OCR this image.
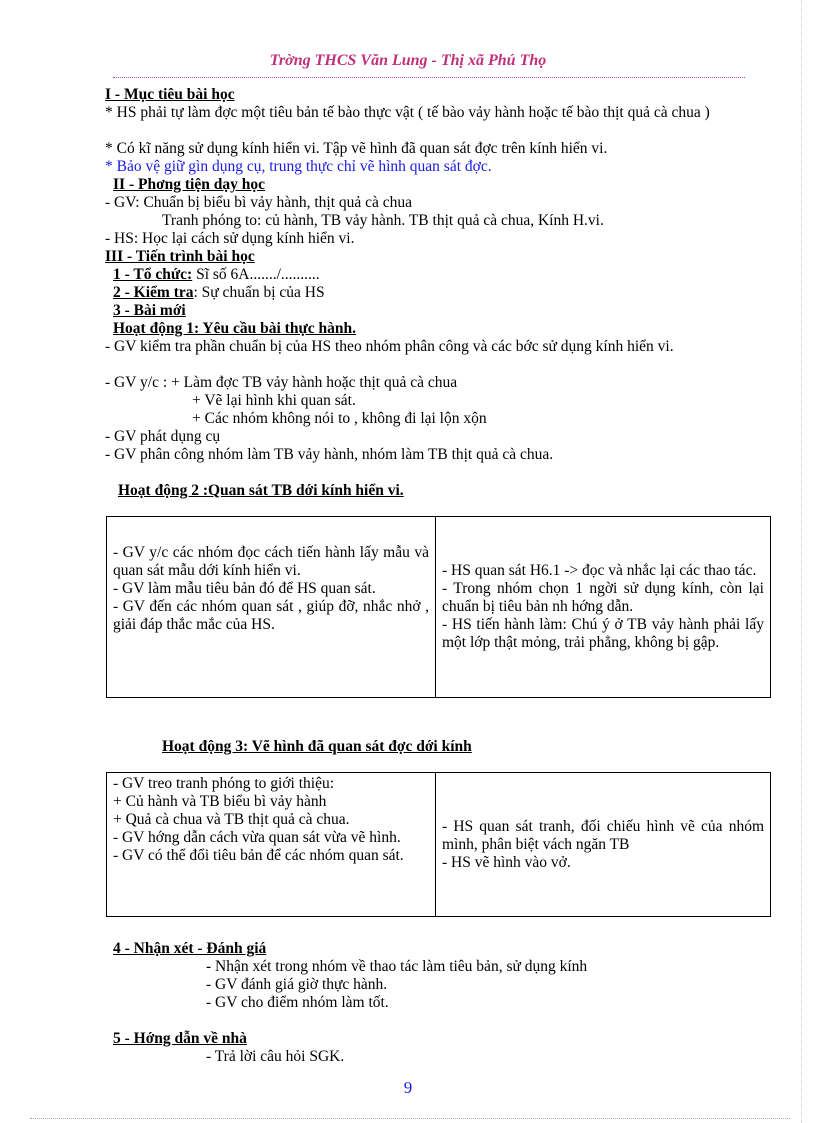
Trờng THCS Văn Lung - Thị xã Phú Thọ
I - Mục tiêu bài học
* HS phải tự làm đợc một tiêu bản tế bào thực vật ( tế bào vảy hành hoặc tế bào thịt quả cà chua )
* Có kĩ năng sử dụng kính hiển vi. Tập vẽ hình đã quan sát đợc trên kính hiển vi.
* Bảo vệ giữ gìn dụng cụ, trung thực chỉ vẽ hình quan sát đợc.
II - Phơng tiện dạy học
- GV: Chuẩn bị biểu bì vảy hành, thịt quả cà chua
Tranh phóng to: củ hành, TB vảy hành. TB thịt quả cà chua, Kính H.vi.
- HS: Học lại cách sử dụng kính hiển vi.
III - Tiến trình bài học
1 - Tổ chức: Sĩ số 6A......./..........
2 - Kiểm tra: Sự chuẩn bị của HS
3 - Bài mới
Hoạt động 1: Yêu cầu bài thực hành.
- GV kiểm tra phần chuẩn bị của HS theo nhóm phân công và các bớc sử dụng kính hiển vi.
- GV y/c : + Làm đợc TB vảy hành hoặc thịt quả cà chua
+ Vẽ lại hình khi quan sát.
+ Các nhóm không nói to , không đi lại lộn xộn
- GV phát dụng cụ
- GV phân công nhóm làm TB vảy hành, nhóm làm TB thịt quả cà chua.
Hoạt động 2 :Quan sát TB dới kính hiển vi.
- GV y/c các nhóm đọc cách tiến hành lấy mẫu và quan sát mẫu dới kính hiển vi.
- GV làm mẫu tiêu bản đó để HS quan sát.
- GV đến các nhóm quan sát , giúp đỡ, nhắc nhở , giải đáp thắc mắc của HS.

- HS quan sát H6.1 -> đọc và nhắc lại các thao tác.
- Trong nhóm chọn 1 ngời sử dụng kính, còn lại chuẩn bị tiêu bản nh hớng dẫn.
- HS tiến hành làm: Chú ý ở TB vảy hành phải lấy một lớp thật mỏng, trải phẳng, không bị gập.
Hoạt động 3: Vẽ hình đã quan sát đợc dới kính
- GV treo tranh phóng to giới thiệu:
+ Củ hành và TB biểu bì vảy hành
+ Quả cà chua và TB thịt quả cà chua.
- GV hớng dẫn cách vừa quan sát vừa vẽ hình.
- GV có thể đổi tiêu bản để các nhóm quan sát.

- HS quan sát tranh, đối chiếu hình vẽ của nhóm mình, phân biệt vách ngăn TB
- HS vẽ hình vào vở.
4 - Nhận xét - Đánh giá
- Nhận xét trong nhóm về thao tác làm tiêu bản, sử dụng kính
- GV đánh giá giờ thực hành.
- GV cho điểm nhóm làm tốt.
5 - Hớng dẫn về nhà
- Trả lời câu hỏi SGK.
9
